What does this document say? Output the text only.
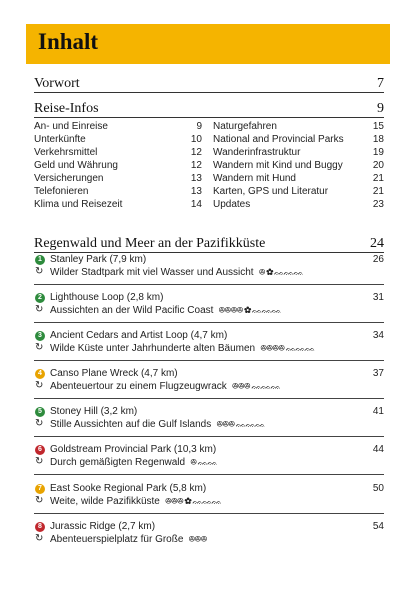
Inhalt
Vorwort	7
Reise-Infos	9
An- und Einreise	9
Unterkünfte	10
Verkehrsmittel	12
Geld und Währung	12
Versicherungen	13
Telefonieren	13
Klima und Reisezeit	14
Naturgefahren	15
National and Provincial Parks	18
Wanderinfrastruktur	19
Wandern mit Kind und Buggy	20
Wandern mit Hund	21
Karten, GPS und Literatur	21
Updates	23
Regenwald und Meer an der Pazifikküste	24
1 Stanley Park (7,9 km)	26
↻ Wilder Stadtpark mit viel Wasser und Aussicht ꔮ ✿ ᨐᨐᨐ
2 Lighthouse Loop (2,8 km)	31
↻ Aussichten an der Wild Pacific Coast ꔮꔮꔮꔮ ✿ ᨐᨐᨐ
3 Ancient Cedars and Artist Loop (4,7 km)	34
↻ Wilde Küste unter Jahrhunderte alten Bäumen ꔮꔮꔮꔮ ᨐᨐᨐ
4 Canso Plane Wreck (4,7 km)	37
↻ Abenteuertour zu einem Flugzeugwrack ꔮꔮꔮ ᨐᨐᨐ
5 Stoney Hill (3,2 km)	41
↻ Stille Aussichten auf die Gulf Islands ꔮꔮꔮ ᨐᨐᨐ
6 Goldstream Provincial Park (10,3 km)	44
↻ Durch gemäßigten Regenwald ꔮ ᨐᨐ
7 East Sooke Regional Park (5,8 km)	50
↻ Weite, wilde Pazifikküste ꔮꔮꔮ ✿ ᨐᨐᨐ
8 Jurassic Ridge (2,7 km)	54
↻ Abenteuerspielplatz für Große ꔮꔮꔮ
